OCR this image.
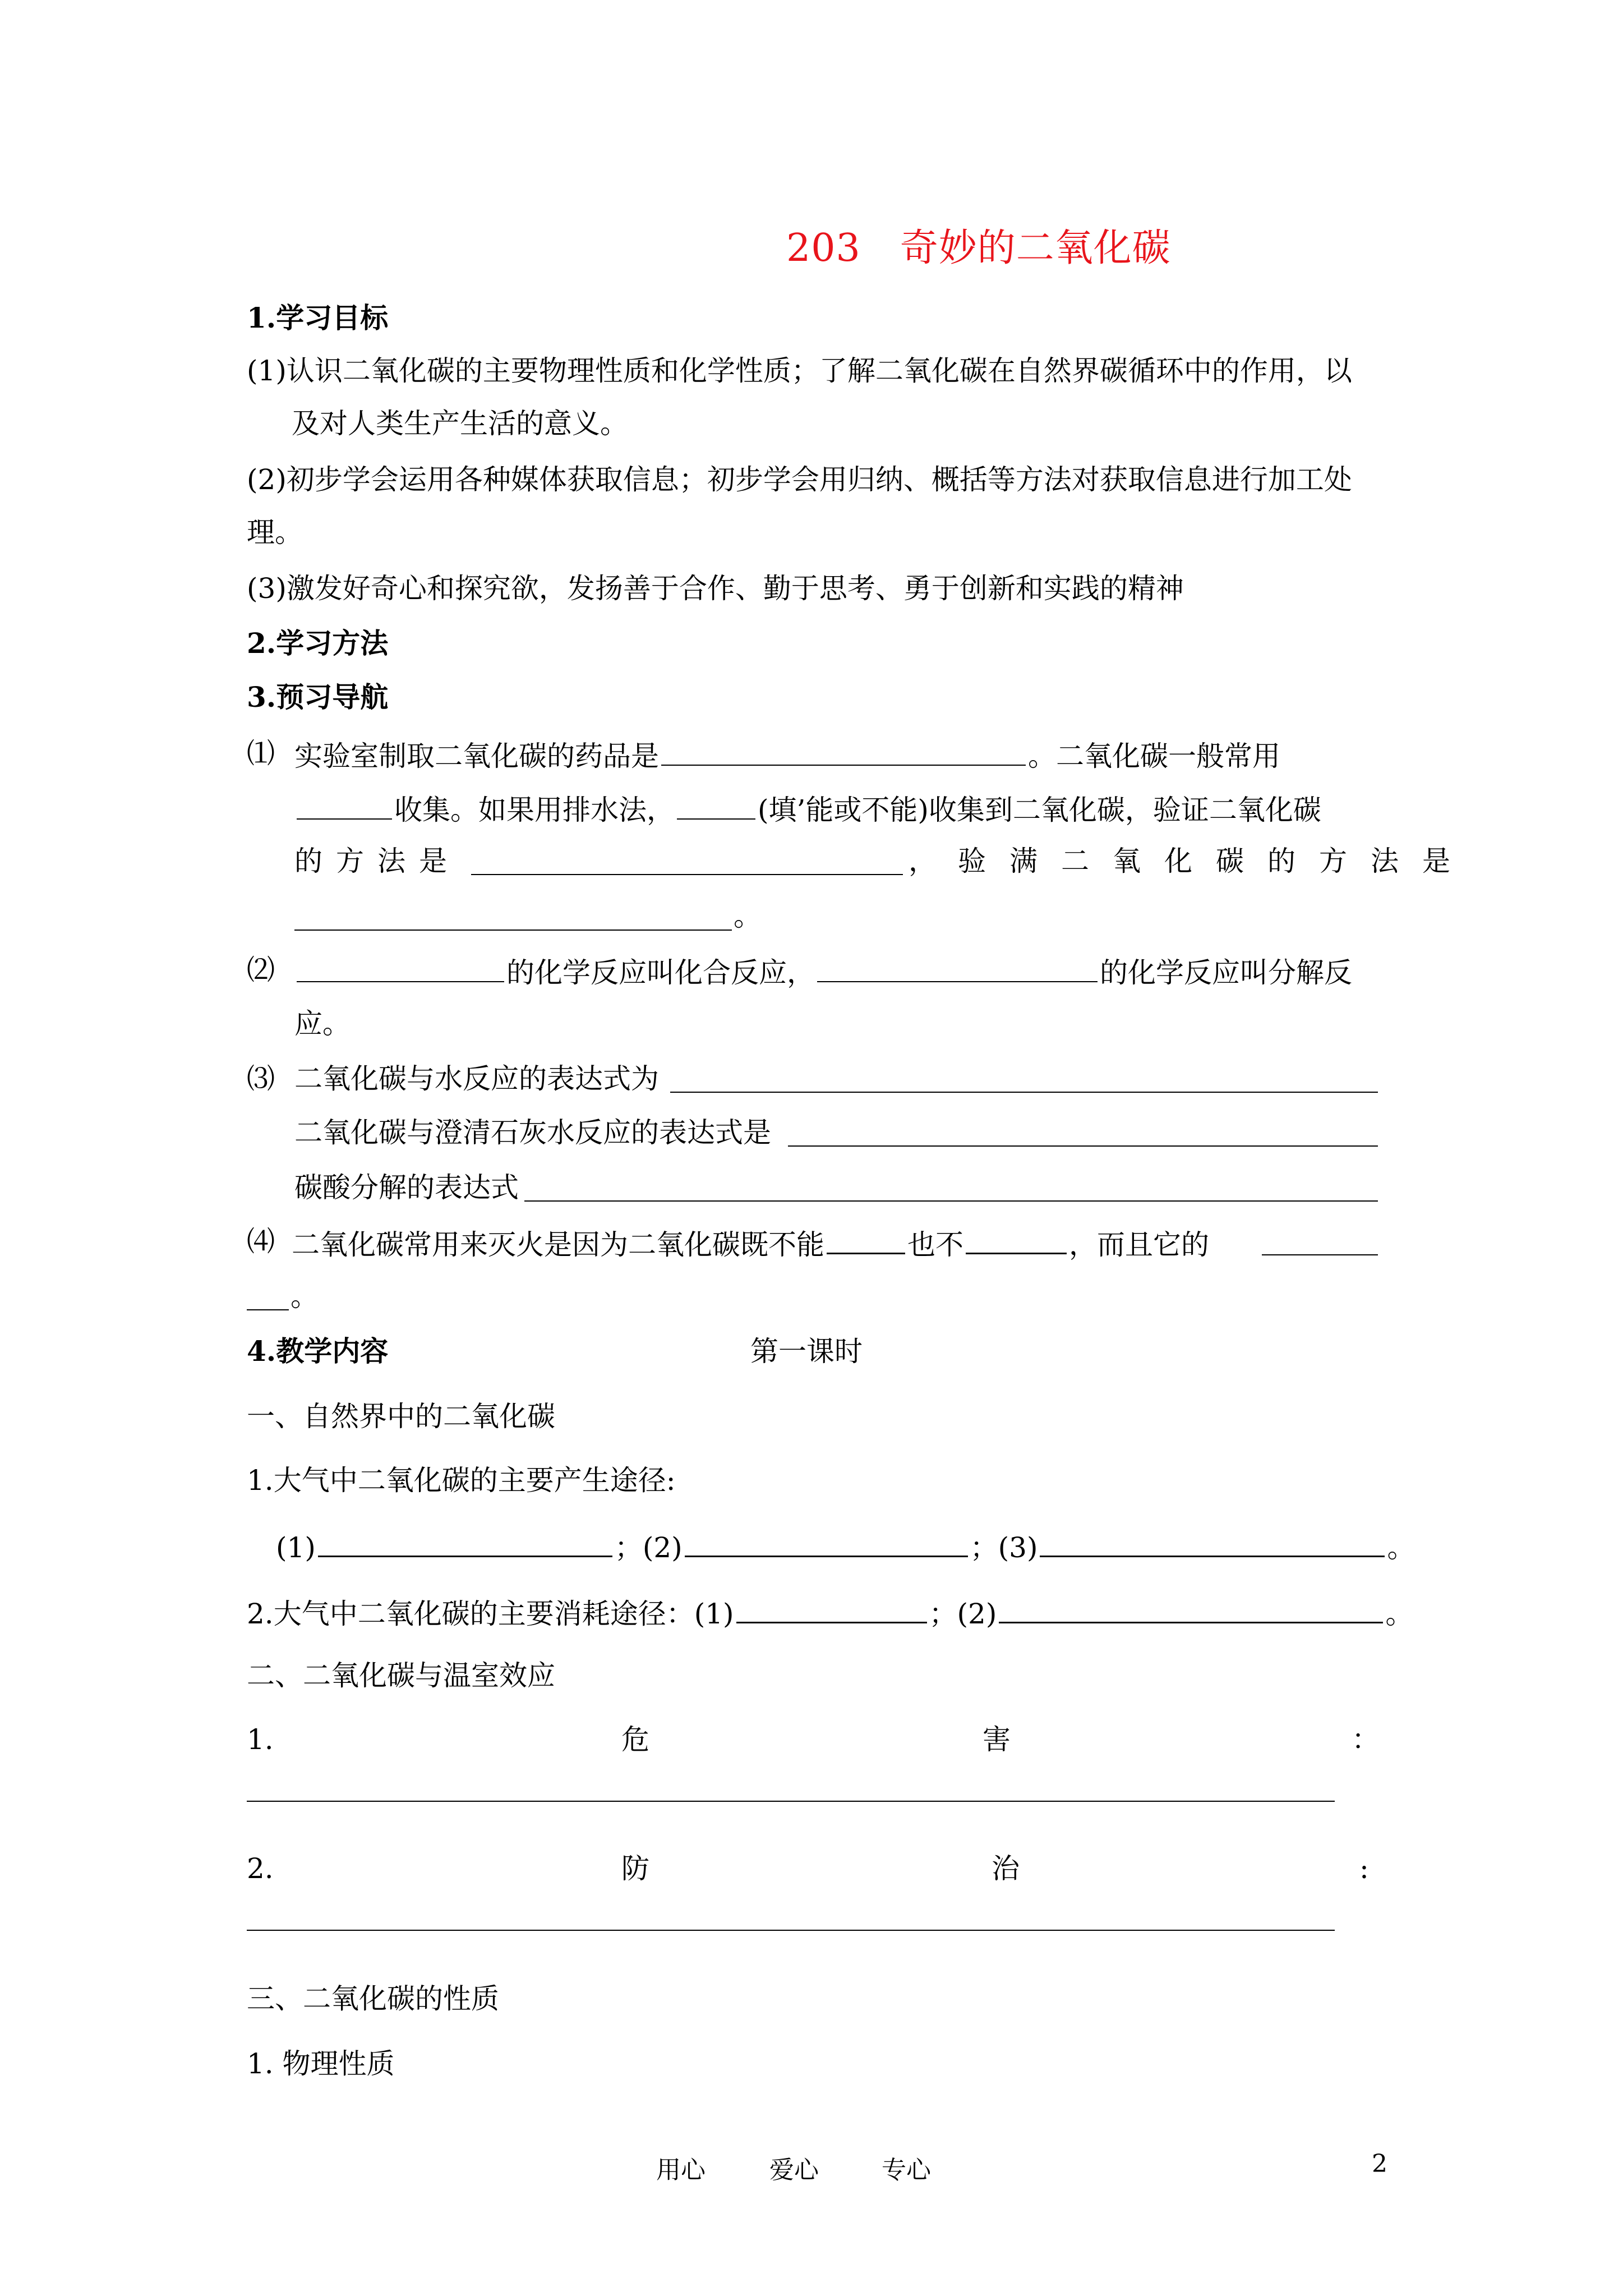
203 奇妙的二氧化碳
1.学习目标
(1)认识二氧化碳的主要物理性质和化学性质；了解二氧化碳在自然界碳循环中的作用，以
及对人类生产生活的意义。
(2)初步学会运用各种媒体获取信息；初步学会用归纳、概括等方法对获取信息进行加工处
理。
(3)激发好奇心和探究欲，发扬善于合作、勤于思考、勇于创新和实践的精神
2.学习方法
3.预习导航
⑴ 实验室制取二氧化碳的药品是	。二氧化碳一般常用
收集。如果用排水法，	(填’能或不能)收集到二氧化碳，验证二氧化碳
的 方 法 是	， 验 满 二 氧 化 碳 的 方 法 是
。
⑵	的化学反应叫化合反应，	的化学反应叫分解反
应。
⑶ 二氧化碳与水反应的表达式为
二氧化碳与澄清石灰水反应的表达式是
碳酸分解的表达式
⑷ 二氧化碳常用来灭火是因为二氧化碳既不能	也不	，而且它的
。
4.教学内容	第一课时
一、自然界中的二氧化碳
1.大气中二氧化碳的主要产生途径:
(1)	；(2)	；(3)	。
2.大气中二氧化碳的主要消耗途径：(1)	；(2)	。
二、二氧化碳与温室效应
1.	危	害	：
2.	防	治	:
三、二氧化碳的性质
1. 物理性质
用心	爱心	专心	2
